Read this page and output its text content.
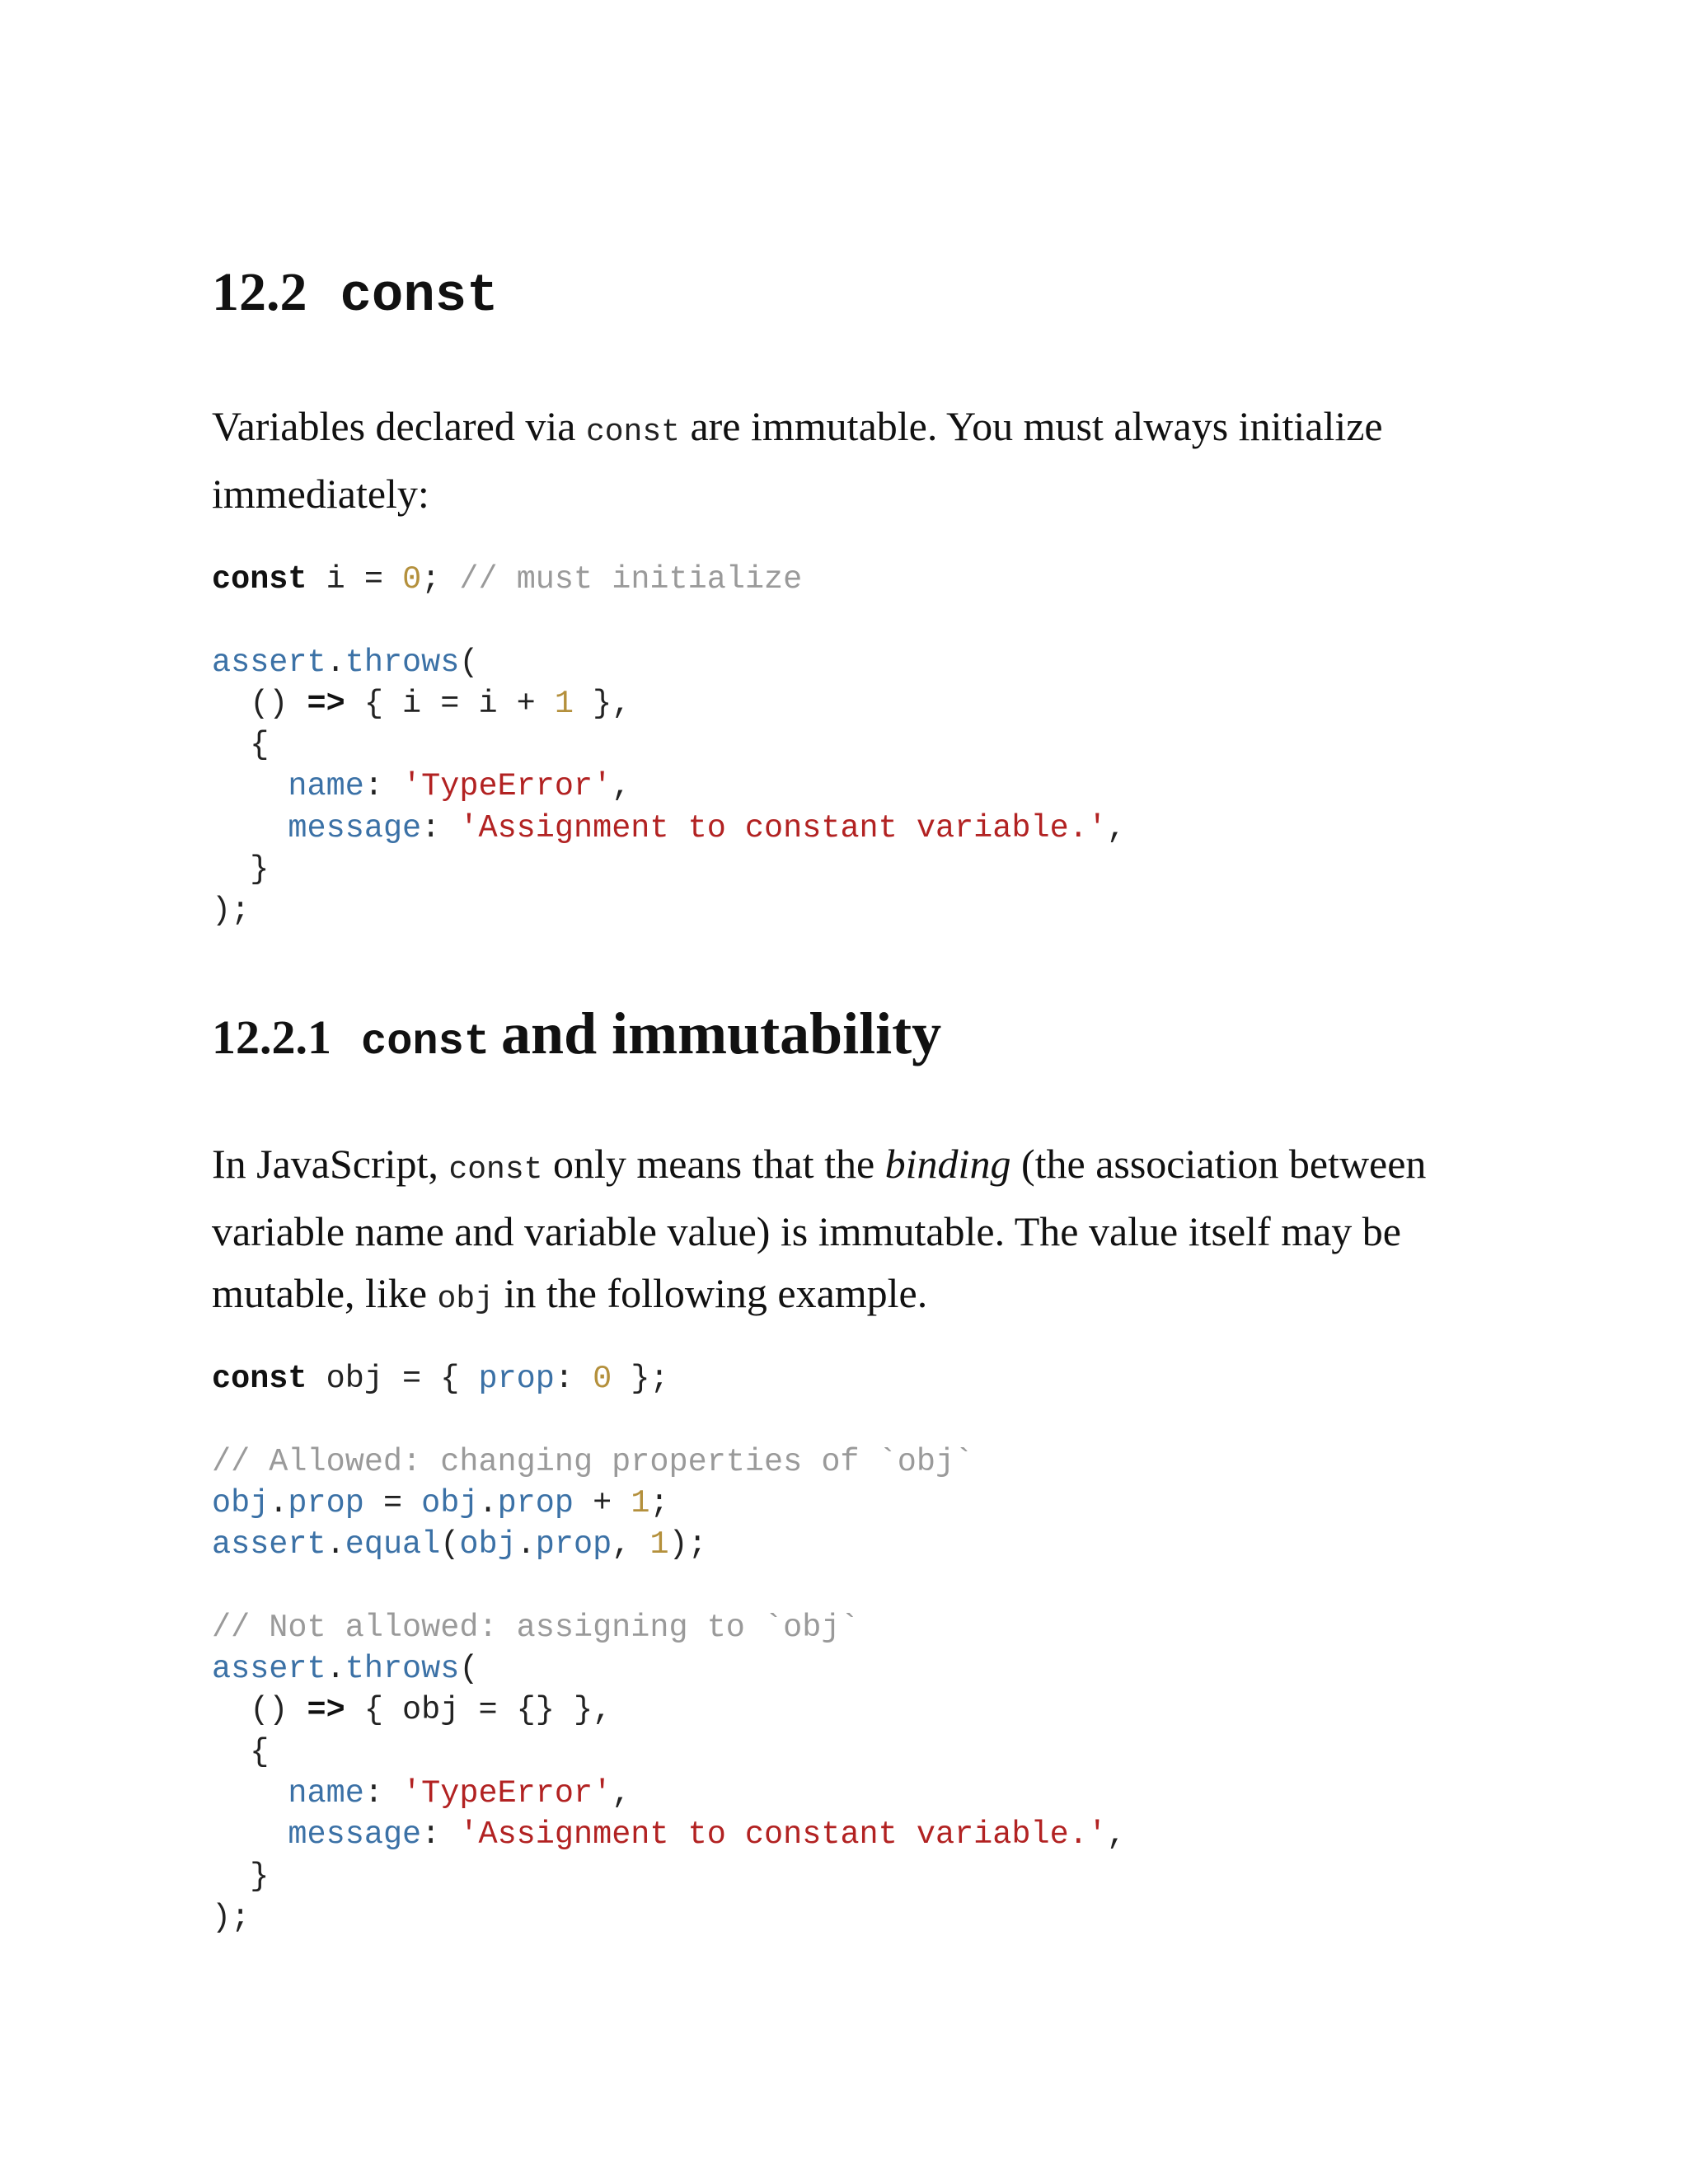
12.2 const

Variables declared via const are immutable. You must always initialize immediately:

const i = 0; // must initialize

assert.throws(
() => { i = i + 1 },
{
name: 'TypeError',
message: 'Assignment to constant variable.',
}
);
12.2.1 const and immutability

In JavaScript, const only means that the binding (the association between variable name and variable value) is immutable. The value itself may be mutable, like obj in the following example.

const obj = { prop: 0 };

// Allowed: changing properties of `obj`
obj.prop = obj.prop + 1;
assert.equal(obj.prop, 1);

// Not allowed: assigning to `obj`
assert.throws(
() => { obj = {} },
{
name: 'TypeError',
message: 'Assignment to constant variable.',
}
);
